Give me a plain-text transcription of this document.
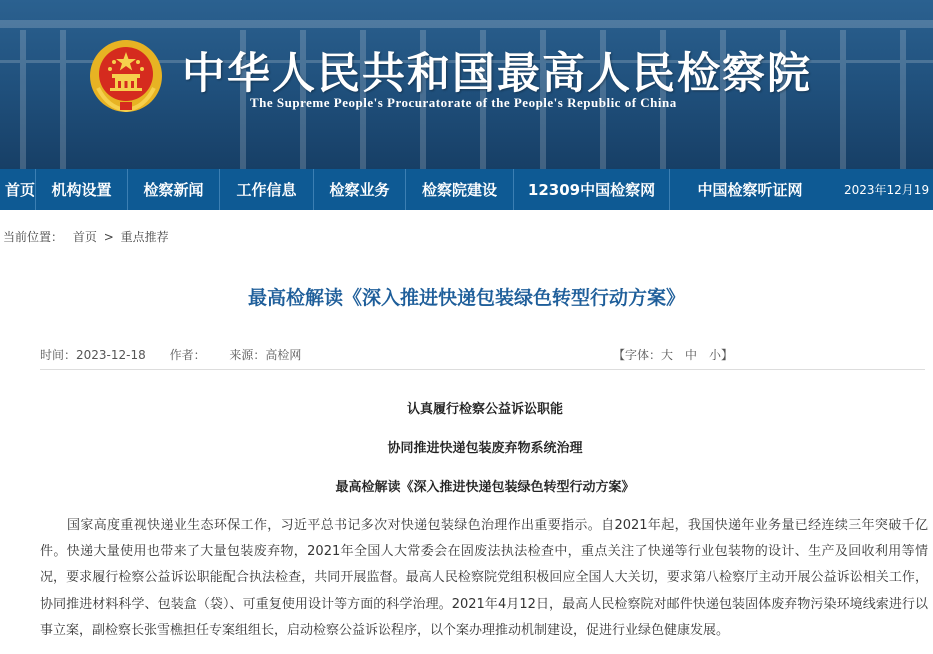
中华人民共和国最高人民检察院
The Supreme People's Procuratorate of the People's Republic of China
首页	机构设置	检察新闻	工作信息	检察业务	检察院建设	12309中国检察网	中国检察听证网	2023年12月19
当前位置： 首页 > 重点推荐
最高检解读《深入推进快递包装绿色转型行动方案》
时间：2023-12-18 作者： 来源：高检网	【字体：大 中 小】
认真履行检察公益诉讼职能
协同推进快递包装废弃物系统治理
最高检解读《深入推进快递包装绿色转型行动方案》
国家高度重视快递业生态环保工作，习近平总书记多次对快递包装绿色治理作出重要指示。自2021年起，我国快递年业务量已经连续三年突破千亿件。快递大量使用也带来了大量包装废弃物，2021年全国人大常委会在固废法执法检查中，重点关注了快递等行业包装物的设计、生产及回收利用等情况，要求履行检察公益诉讼职能配合执法检查，共同开展监督。最高人民检察院党组积极回应全国人大关切，要求第八检察厅主动开展公益诉讼相关工作，协同推进材料科学、包装盒（袋）、可重复使用设计等方面的科学治理。2021年4月12日，最高人民检察院对邮件快递包装固体废弃物污染环境线索进行以事立案，副检察长张雪樵担任专案组组长，启动检察公益诉讼程序，以个案办理推动机制建设，促进行业绿色健康发展。
